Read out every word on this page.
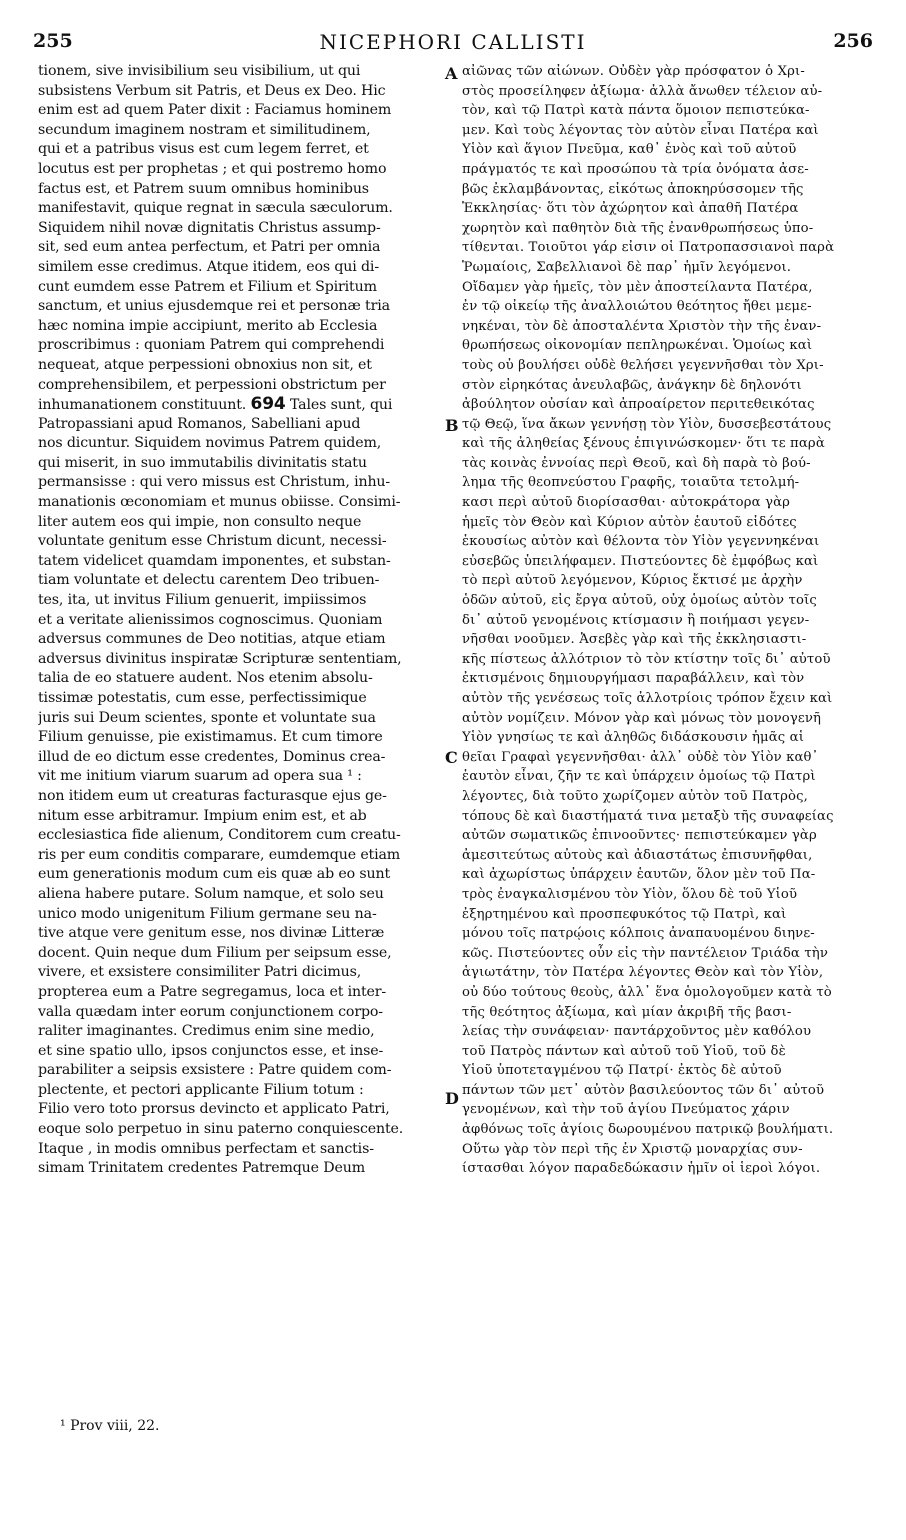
255	NICEPHORI CALLISTI	256
tionem, sive invisibilium seu visibilium, ut qui
subsistens Verbum sit Patris, et Deus ex Deo. Hic
enim est ad quem Pater dixit : Faciamus hominem
secundum imaginem nostram et similitudinem,
qui et a patribus visus est cum legem ferret, et
locutus est per prophetas ; et qui postremo homo
factus est, et Patrem suum omnibus hominibus
manifestavit, quique regnat in sæcula sæculorum.
Siquidem nihil novæ dignitatis Christus assump-
sit, sed eum antea perfectum, et Patri per omnia
similem esse credimus. Atque itidem, eos qui di-
cunt eumdem esse Patrem et Filium et Spiritum
sanctum, et unius ejusdemque rei et personæ tria
hæc nomina impie accipiunt, merito ab Ecclesia
proscribimus : quoniam Patrem qui comprehendi
nequeat, atque perpessioni obnoxius non sit, et
comprehensibilem, et perpessioni obstrictum per
inhumanationem constituunt. 694 Tales sunt, qui
Patropassiani apud Romanos, Sabelliani apud
nos dicuntur. Siquidem novimus Patrem quidem,
qui miserit, in suo immutabilis divinitatis statu
permansisse : qui vero missus est Christum, inhu-
manationis œconomiam et munus obiisse. Consimi-
liter autem eos qui impie, non consulto neque
voluntate genitum esse Christum dicunt, necessi-
tatem videlicet quamdam imponentes, et substan-
tiam voluntate et delectu carentem Deo tribuen-
tes, ita, ut invitus Filium genuerit, impiissimos
et a veritate alienissimos cognoscimus. Quoniam
adversus communes de Deo notitias, atque etiam
adversus divinitus inspiratæ Scripturæ sententiam,
talia de eo statuere audent. Nos etenim absolu-
tissimæ potestatis, cum esse, perfectissimique
juris sui Deum scientes, sponte et voluntate sua
Filium genuisse, pie existimamus. Et cum timore
illud de eo dictum esse credentes, Dominus crea-
vit me initium viarum suarum ad opera sua ¹ :
non itidem eum ut creaturas facturasque ejus ge-
nitum esse arbitramur. Impium enim est, et ab
ecclesiastica fide alienum, Conditorem cum creatu-
ris per eum conditis comparare, eumdemque etiam
eum generationis modum cum eis quæ ab eo sunt
aliena habere putare. Solum namque, et solo seu
unico modo unigenitum Filium germane seu na-
tive atque vere genitum esse, nos divinæ Litteræ
docent. Quin neque dum Filium per seipsum esse,
vivere, et exsistere consimiliter Patri dicimus,
propterea eum a Patre segregamus, loca et inter-
valla quædam inter eorum conjunctionem corpo-
raliter imaginantes. Credimus enim sine medio,
et sine spatio ullo, ipsos conjunctos esse, et inse-
parabiliter a seipsis exsistere : Patre quidem com-
plectente, et pectori applicante Filium totum :
Filio vero toto prorsus devincto et applicato Patri,
eoque solo perpetuo in sinu paterno conquiescente.
Itaque , in modis omnibus perfectam et sanctis-
simam Trinitatem credentes Patremque Deum
αἰῶνας τῶν αἰώνων. Οὐδὲν γὰρ πρόσφατον ὁ Χρι-
στὸς προσείληφεν ἀξίωμα· ἀλλὰ ἄνωθεν τέλειον αὐ-
τὸν, καὶ τῷ Πατρὶ κατὰ πάντα ὅμοιον πεπιστεύκα-
μεν. Καὶ τοὺς λέγοντας τὸν αὐτὸν εἶναι Πατέρα καὶ
Υἱὸν καὶ ἅγιον Πνεῦμα, καθ᾽ ἑνὸς καὶ τοῦ αὐτοῦ
πράγματός τε καὶ προσώπου τὰ τρία ὀνόματα ἀσε-
βῶς ἐκλαμβάνοντας, εἰκότως ἀποκηρύσσομεν τῆς
Ἐκκλησίας· ὅτι τὸν ἀχώρητον καὶ ἀπαθῆ Πατέρα
χωρητὸν καὶ παθητὸν διὰ τῆς ἐνανθρωπήσεως ὑπο-
τίθενται. Τοιοῦτοι γάρ εἰσιν οἱ Πατροπασσιανοὶ παρὰ
Ῥωμαίοις, Σαβελλιανοὶ δὲ παρ᾽ ἡμῖν λεγόμενοι.
Οἴδαμεν γὰρ ἡμεῖς, τὸν μὲν ἀποστείλαντα Πατέρα,
ἐν τῷ οἰκείῳ τῆς ἀναλλοιώτου θεότητος ἤθει μεμε-
νηκέναι, τὸν δὲ ἀποσταλέντα Χριστὸν τὴν τῆς ἐναν-
θρωπήσεως οἰκονομίαν πεπληρωκέναι. Ὁμοίως καὶ
τοὺς οὐ βουλήσει οὐδὲ θελήσει γεγεννῆσθαι τὸν Χρι-
στὸν εἰρηκότας ἀνευλαβῶς, ἀνάγκην δὲ δηλονότι
ἀβούλητον οὐσίαν καὶ ἀπροαίρετον περιτεθεικότας
τῷ Θεῷ, ἵνα ἄκων γεννήσῃ τὸν Υἱὸν, δυσσεβεστάτους
καὶ τῆς ἀληθείας ξένους ἐπιγινώσκομεν· ὅτι τε παρὰ
τὰς κοινὰς ἐννοίας περὶ Θεοῦ, καὶ δὴ παρὰ τὸ βού-
λημα τῆς θεοπνεύστου Γραφῆς, τοιαῦτα τετολμή-
κασι περὶ αὐτοῦ διορίσασθαι· αὐτοκράτορα γὰρ
ἡμεῖς τὸν Θεὸν καὶ Κύριον αὐτὸν ἑαυτοῦ εἰδότες
ἑκουσίως αὐτὸν καὶ θέλοντα τὸν Υἱὸν γεγεννηκέναι
εὐσεβῶς ὑπειλήφαμεν. Πιστεύοντες δὲ ἐμφόβως καὶ
τὸ περὶ αὐτοῦ λεγόμενον, Κύριος ἔκτισέ με ἀρχὴν
ὁδῶν αὐτοῦ, εἰς ἔργα αὐτοῦ, οὐχ ὁμοίως αὐτὸν τοῖς
δι᾽ αὐτοῦ γενομένοις κτίσμασιν ἢ ποιήμασι γεγεν-
νῆσθαι νοοῦμεν. Ἀσεβὲς γὰρ καὶ τῆς ἐκκλησιαστι-
κῆς πίστεως ἀλλότριον τὸ τὸν κτίστην τοῖς δι᾽ αὐτοῦ
ἐκτισμένοις δημιουργήμασι παραβάλλειν, καὶ τὸν
αὐτὸν τῆς γενέσεως τοῖς ἀλλοτρίοις τρόπον ἔχειν καὶ
αὐτὸν νομίζειν. Μόνον γὰρ καὶ μόνως τὸν μονογενῆ
Υἱὸν γνησίως τε καὶ ἀληθῶς διδάσκουσιν ἡμᾶς αἱ
θεῖαι Γραφαὶ γεγεννῆσθαι· ἀλλ᾽ οὐδὲ τὸν Υἱὸν καθ᾽
ἑαυτὸν εἶναι, ζῆν τε καὶ ὑπάρχειν ὁμοίως τῷ Πατρὶ
λέγοντες, διὰ τοῦτο χωρίζομεν αὐτὸν τοῦ Πατρὸς,
τόπους δὲ καὶ διαστήματά τινα μεταξὺ τῆς συναφείας
αὐτῶν σωματικῶς ἐπινοοῦντες· πεπιστεύκαμεν γὰρ
ἀμεσιτεύτως αὐτοὺς καὶ ἀδιαστάτως ἐπισυνῆφθαι,
καὶ ἀχωρίστως ὑπάρχειν ἑαυτῶν, ὅλον μὲν τοῦ Πα-
τρὸς ἐναγκαλισμένου τὸν Υἱὸν, ὅλου δὲ τοῦ Υἱοῦ
ἐξηρτημένου καὶ προσπεφυκότος τῷ Πατρὶ, καὶ
μόνου τοῖς πατρῴοις κόλποις ἀναπαυομένου διηνε-
κῶς. Πιστεύοντες οὖν εἰς τὴν παντέλειον Τριάδα τὴν
ἁγιωτάτην, τὸν Πατέρα λέγοντες Θεὸν καὶ τὸν Υἱὸν,
οὐ δύο τούτους θεοὺς, ἀλλ᾽ ἕνα ὁμολογοῦμεν κατὰ τὸ
τῆς θεότητος ἀξίωμα, καὶ μίαν ἀκριβῆ τῆς βασι-
λείας τὴν συνάφειαν· παντάρχοῦντος μὲν καθόλου
τοῦ Πατρὸς πάντων καὶ αὐτοῦ τοῦ Υἱοῦ, τοῦ δὲ
Υἱοῦ ὑποτεταγμένου τῷ Πατρί· ἐκτὸς δὲ αὐτοῦ
πάντων τῶν μετ᾽ αὐτὸν βασιλεύοντος τῶν δι᾽ αὐτοῦ
γενομένων, καὶ τὴν τοῦ ἁγίου Πνεύματος χάριν
ἀφθόνως τοῖς ἁγίοις δωρουμένου πατρικῷ βουλήματι.
Οὕτω γὰρ τὸν περὶ τῆς ἐν Χριστῷ μοναρχίας συν-
ίστασθαι λόγον παραδεδώκασιν ἡμῖν οἱ ἱεροὶ λόγοι.
A
B
C
D
¹ Prov viii, 22.
